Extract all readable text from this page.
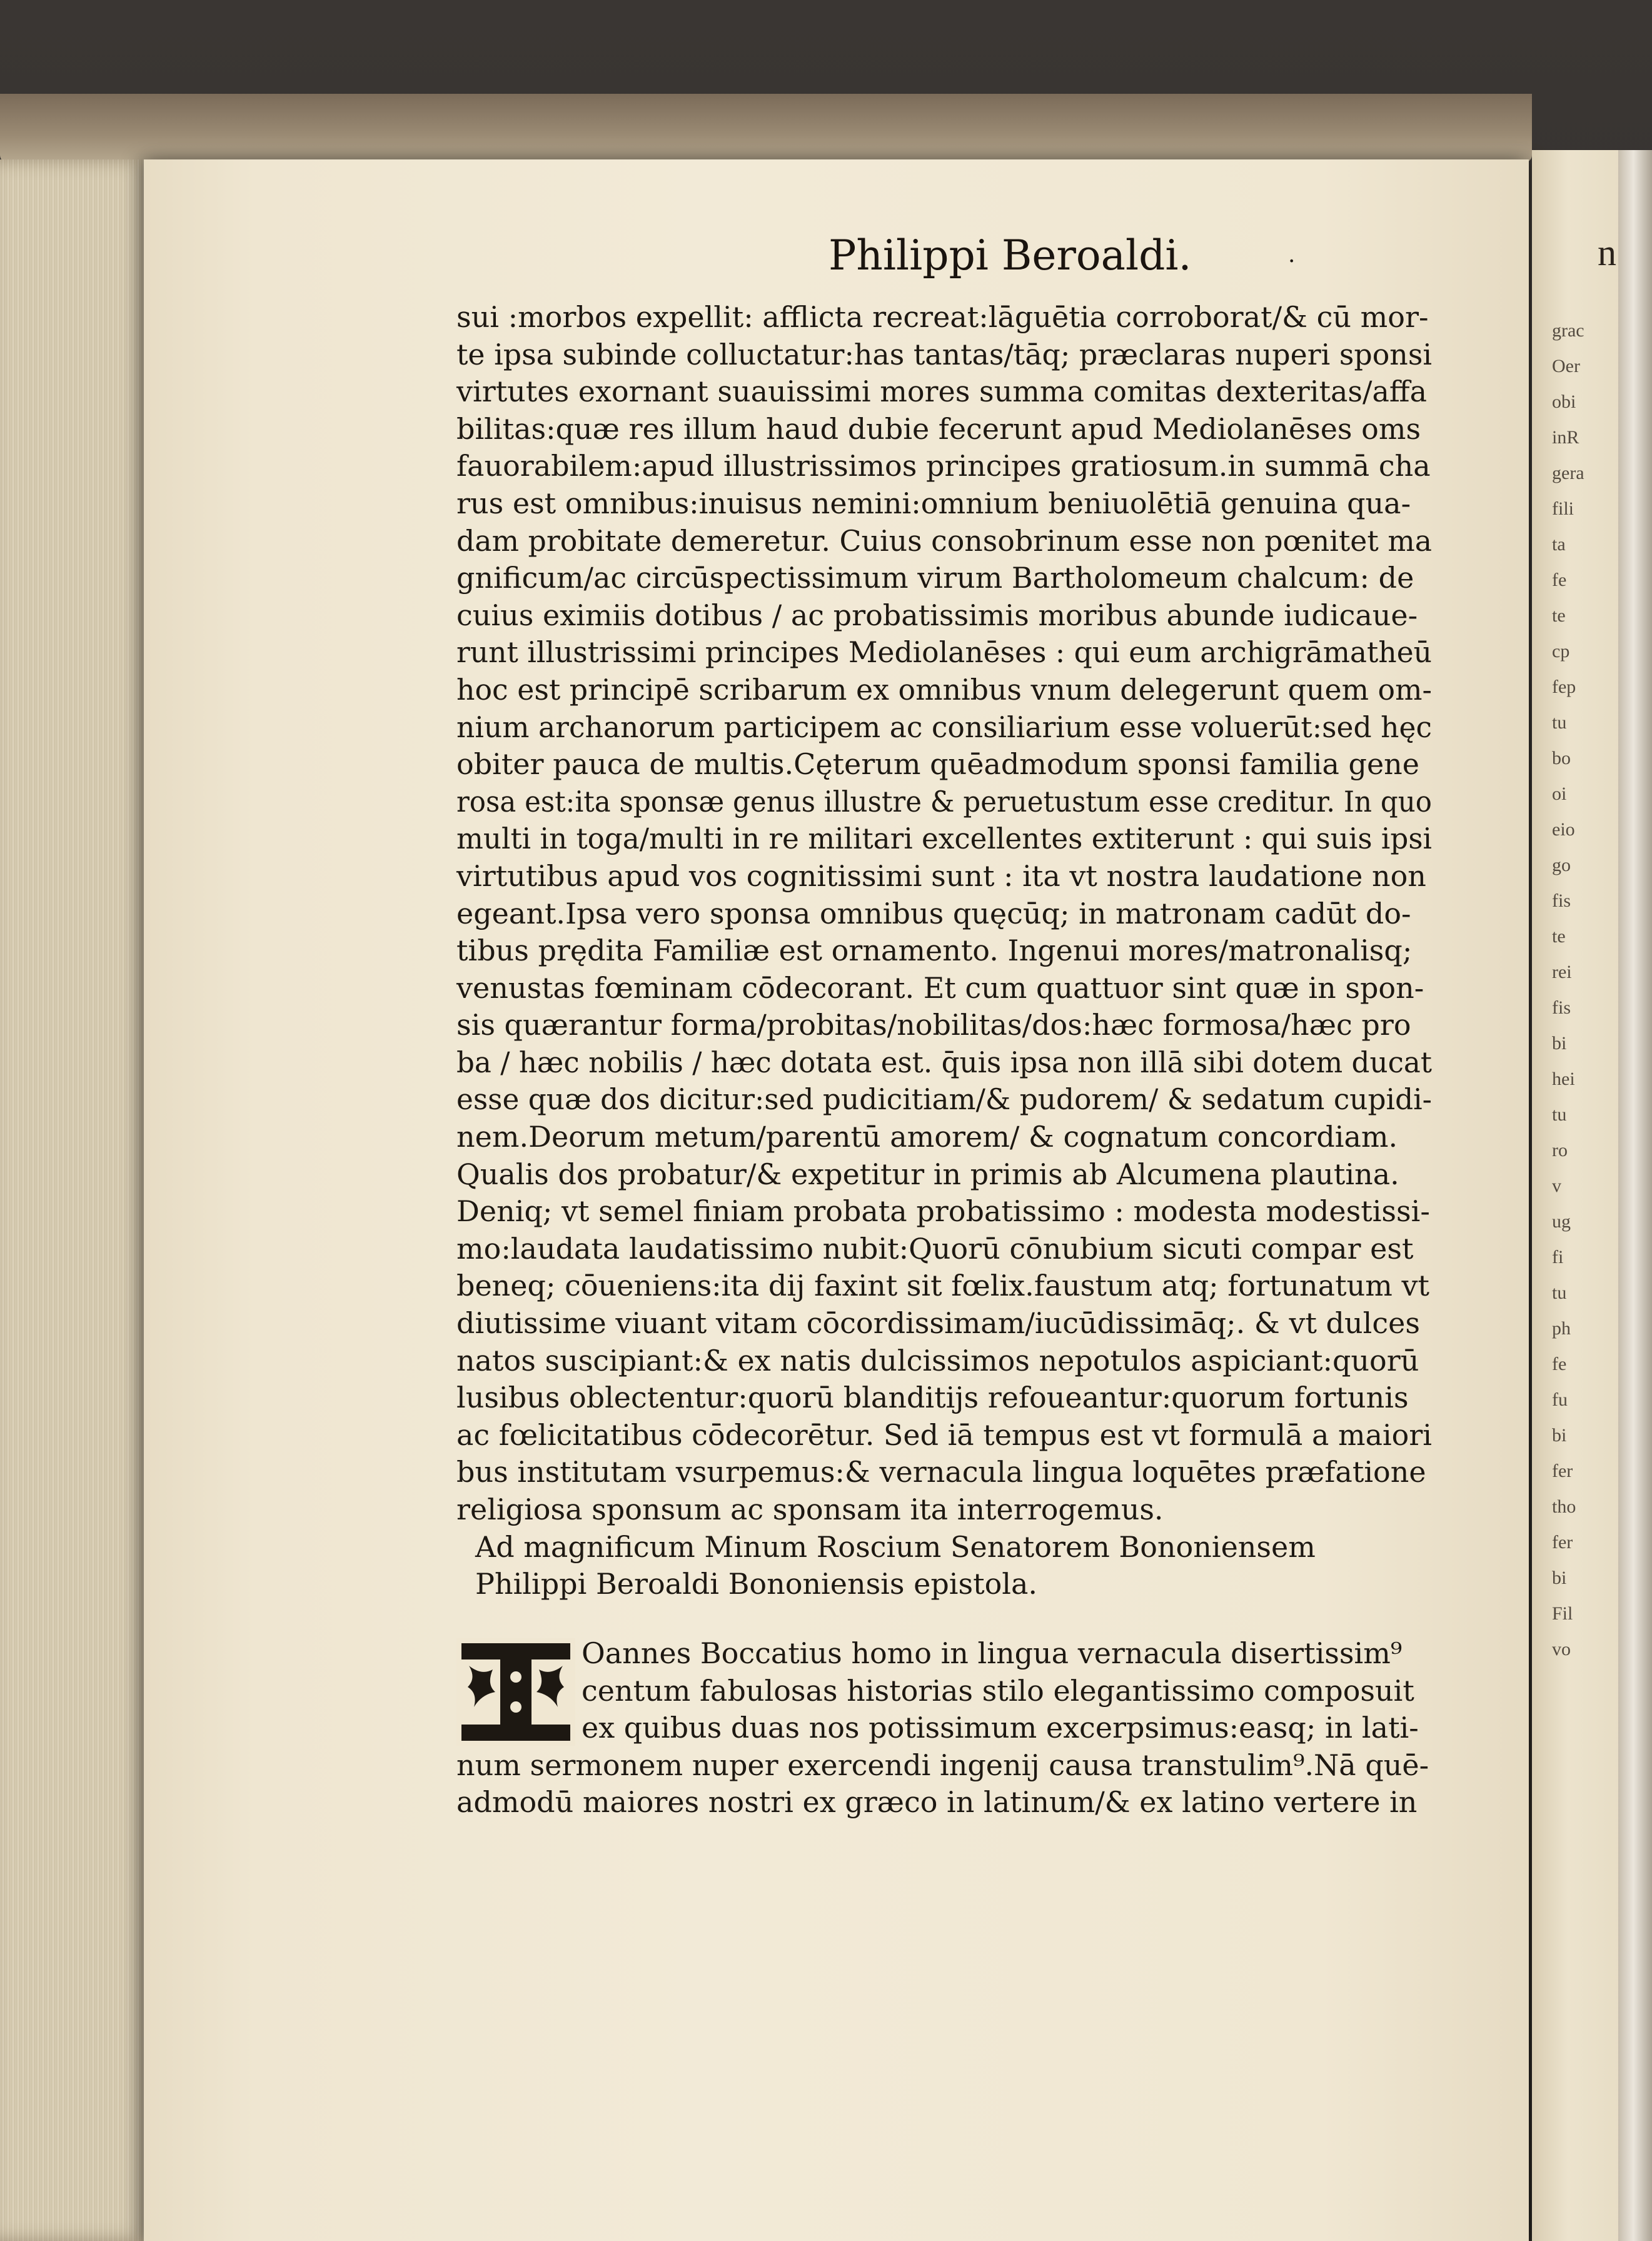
n
grac
Oer
obi
inR
gera
fili
ta
fe
te
cp
fep
tu
bo
oi
eio
go
fis
te
rei
fis
bi
hei
tu
ro
v
ug
fi
tu
ph
fe
fu
bi
fer
tho
fer
bi
Fil
vo
Philippi Beroaldi.	·
sui :morbos expellit: afflicta recreat:lāguētia corroborat/& cū mor-
te ipsa subinde colluctatur:has tantas/tāq; præclaras nuperi sponsi
virtutes exornant suauissimi mores summa comitas dexteritas/affa
bilitas:quæ res illum haud dubie fecerunt apud Mediolanēses oms
fauorabilem:apud illustrissimos principes gratiosum.in summā cha
rus est omnibus:inuisus nemini:omnium beniuolētiā genuina qua-
dam probitate demeretur. Cuius consobrinum esse non pœnitet ma
gnificum/ac circūspectissimum virum Bartholomeum chalcum: de
cuius eximiis dotibus / ac probatissimis moribus abunde iudicaue-
runt illustrissimi principes Mediolanēses : qui eum archigrāmatheū
hoc est principē scribarum ex omnibus vnum delegerunt quem om-
nium archanorum participem ac consiliarium esse voluerūt:sed hęc
obiter pauca de multis.Cęterum quēadmodum sponsi familia gene
rosa est:ita sponsæ genus illustre & peruetustum esse creditur. In quo
multi in toga/multi in re militari excellentes extiterunt : qui suis ipsi
virtutibus apud vos cognitissimi sunt : ita vt nostra laudatione non
egeant.Ipsa vero sponsa omnibus quęcūq; in matronam cadūt do-
tibus prędita Familiæ est ornamento. Ingenui mores/matronalisq;
venustas fœminam cōdecorant. Et cum quattuor sint quæ in spon-
sis quærantur forma/probitas/nobilitas/dos:hæc formosa/hæc pro
ba / hæc nobilis / hæc dotata est. q̄uis ipsa non illā sibi dotem ducat
esse quæ dos dicitur:sed pudicitiam/& pudorem/ & sedatum cupidi-
nem.Deorum metum/parentū amorem/ & cognatum concordiam.
Qualis dos probatur/& expetitur in primis ab Alcumena plautina.
Deniq; vt semel finiam probata probatissimo : modesta modestissi-
mo:laudata laudatissimo nubit:Quorū cōnubium sicuti compar est
beneq; cōueniens:ita dij faxint sit fœlix.faustum atq; fortunatum vt
diutissime viuant vitam cōcordissimam/iucūdissimāq;. & vt dulces
natos suscipiant:& ex natis dulcissimos nepotulos aspiciant:quorū
lusibus oblectentur:quorū blanditijs refoueantur:quorum fortunis
ac fœlicitatibus cōdecorētur. Sed iā tempus est vt formulā a maiori
bus institutam vsurpemus:& vernacula lingua loquētes præfatione
religiosa sponsum ac sponsam ita interrogemus.
Ad magnificum Minum Roscium Senatorem Bononiensem
Philippi Beroaldi Bononiensis epistola.
Oannes Boccatius homo in lingua vernacula disertissim⁹
centum fabulosas historias stilo elegantissimo composuit
ex quibus duas nos potissimum excerpsimus:easq; in lati-
num sermonem nuper exercendi ingenij causa transtulim⁹.Nā quē-
admodū maiores nostri ex græco in latinum/& ex latino vertere in
